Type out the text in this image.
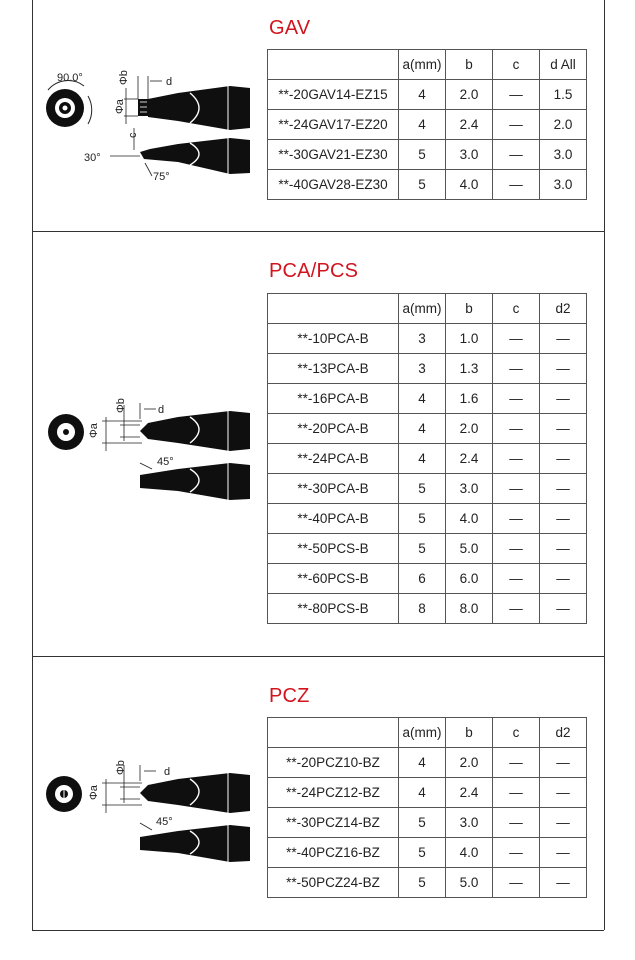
GAV
90.0°
Φa
Φb	d
c
30°
75°
	a(mm)	b	c	d All
**-20GAV14-EZ15	4	2.0	—	1.5
**-24GAV17-EZ20	4	2.4	—	2.0
**-30GAV21-EZ30	5	3.0	—	3.0
**-40GAV28-EZ30	5	4.0	—	3.0
PCA/PCS
Φa
Φb	d
45°
	a(mm)	b	c	d2
**-10PCA-B	3	1.0	—	—
**-13PCA-B	3	1.3	—	—
**-16PCA-B	4	1.6	—	—
**-20PCA-B	4	2.0	—	—
**-24PCA-B	4	2.4	—	—
**-30PCA-B	5	3.0	—	—
**-40PCA-B	5	4.0	—	—
**-50PCS-B	5	5.0	—	—
**-60PCS-B	6	6.0	—	—
**-80PCS-B	8	8.0	—	—
PCZ
Φa
Φb	d
45°
	a(mm)	b	c	d2
**-20PCZ10-BZ	4	2.0	—	—
**-24PCZ12-BZ	4	2.4	—	—
**-30PCZ14-BZ	5	3.0	—	—
**-40PCZ16-BZ	5	4.0	—	—
**-50PCZ24-BZ	5	5.0	—	—
